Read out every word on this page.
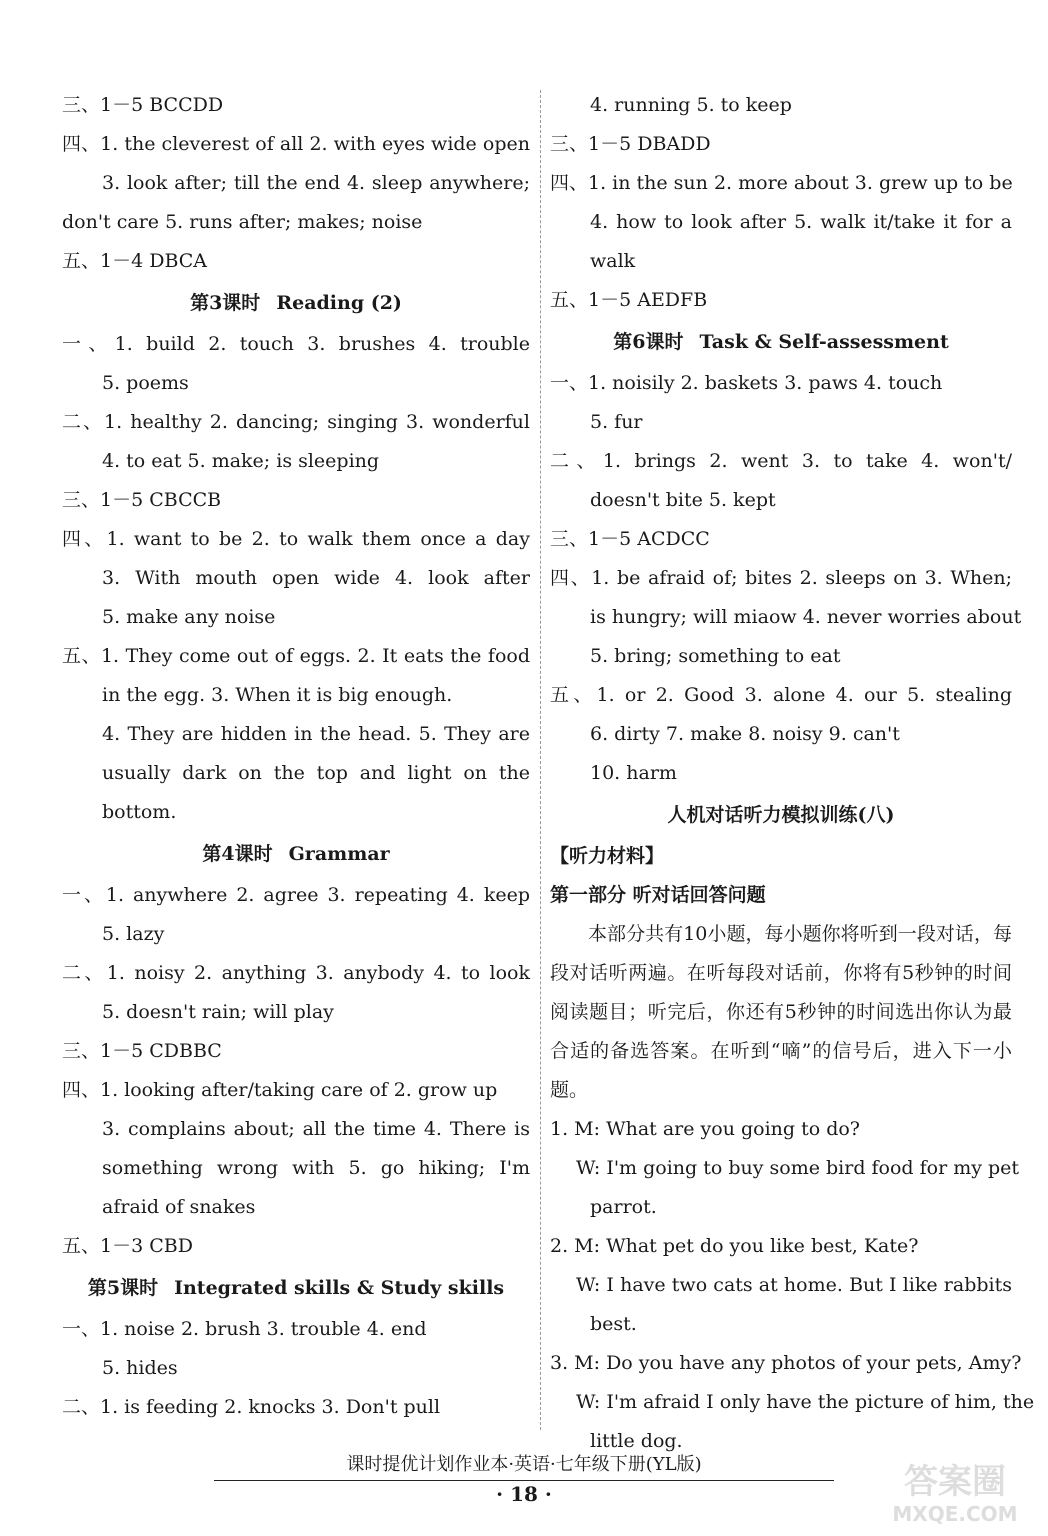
三、1－5 BCCDD
四、1. the cleverest of all 2. with eyes wide open
3. look after; till the end 4. sleep anywhere;
don't care 5. runs after; makes; noise
五、1－4 DBCA
第3课时 Reading (2)
一、1. build 2. touch 3. brushes 4. trouble
5. poems
二、1. healthy 2. dancing; singing 3. wonderful
4. to eat 5. make; is sleeping
三、1－5 CBCCB
四、1. want to be 2. to walk them once a day
3. With mouth open wide 4. look after
5. make any noise
五、1. They come out of eggs. 2. It eats the food
in the egg. 3. When it is big enough.
4. They are hidden in the head. 5. They are
usually dark on the top and light on the
bottom.
第4课时 Grammar
一、1. anywhere 2. agree 3. repeating 4. keep
5. lazy
二、1. noisy 2. anything 3. anybody 4. to look
5. doesn't rain; will play
三、1－5 CDBBC
四、1. looking after/taking care of 2. grow up
3. complains about; all the time 4. There is
something wrong with 5. go hiking; I'm
afraid of snakes
五、1－3 CBD
第5课时 Integrated skills & Study skills
一、1. noise 2. brush 3. trouble 4. end
5. hides
二、1. is feeding 2. knocks 3. Don't pull
4. running 5. to keep
三、1－5 DBADD
四、1. in the sun 2. more about 3. grew up to be
4. how to look after 5. walk it/take it for a
walk
五、1－5 AEDFB
第6课时 Task & Self-assessment
一、1. noisily 2. baskets 3. paws 4. touch
5. fur
二、1. brings 2. went 3. to take 4. won't/
doesn't bite 5. kept
三、1－5 ACDCC
四、1. be afraid of; bites 2. sleeps on 3. When;
is hungry; will miaow 4. never worries about
5. bring; something to eat
五、1. or 2. Good 3. alone 4. our 5. stealing
6. dirty 7. make 8. noisy 9. can't
10. harm
人机对话听力模拟训练(八)
【听力材料】
第一部分 听对话回答问题
本部分共有10小题，每小题你将听到一段对话，每段对话听两遍。在听每段对话前，你将有5秒钟的时间阅读题目；听完后，你还有5秒钟的时间选出你认为最合适的备选答案。在听到“嘀”的信号后，进入下一小题。
1. M: What are you going to do?
W: I'm going to buy some bird food for my pet
parrot.
2. M: What pet do you like best, Kate?
W: I have two cats at home. But I like rabbits
best.
3. M: Do you have any photos of your pets, Amy?
W: I'm afraid I only have the picture of him, the
little dog.
课时提优计划作业本·英语·七年级下册(YL版)
· 18 ·	答案圈
MXQE.COM
